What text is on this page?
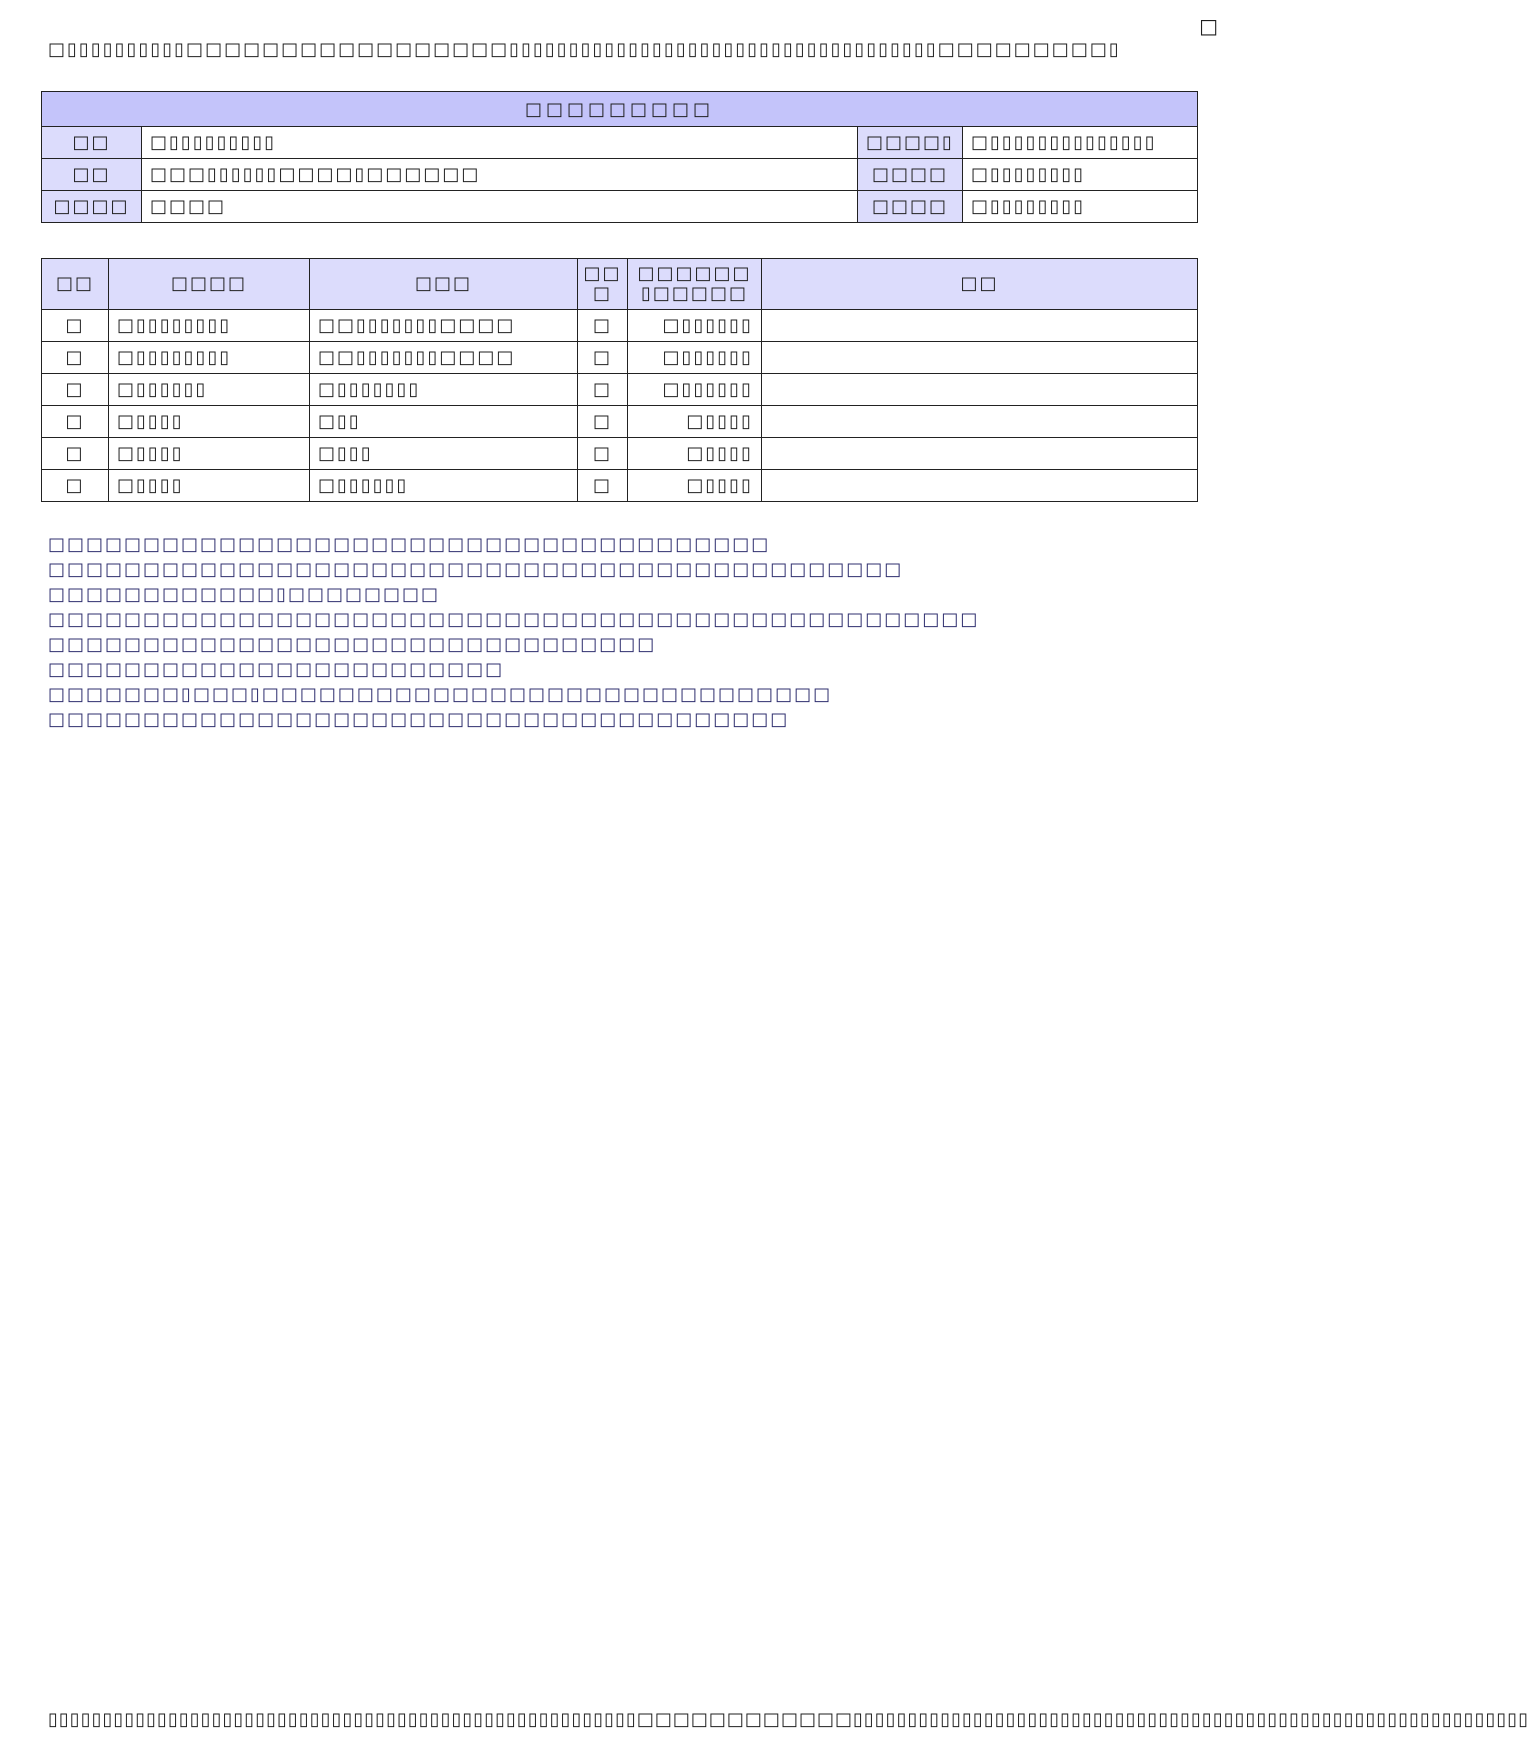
□
□▯▯▯▯▯▯▯▯▯▯□□□□□□□□□□□□□□□□□▯▯▯▯▯▯▯▯▯▯▯▯▯▯▯▯▯▯▯▯▯▯▯▯▯▯▯▯▯▯▯▯▯▯▯▯□□□□□□□□□▯
□□□□□□□□□			
□□	□▯▯▯▯▯▯▯▯▯	□□□□▯	□▯▯▯▯▯▯▯▯▯▯▯▯▯▯
□□	□□□▯▯▯▯▯▯□□□□▯□□□□□□	□□□□	□▯▯▯▯▯▯▯▯
□□□□	□□□□	□□□□	□▯▯▯▯▯▯▯▯
□□	□□□□	□□□	□□ □	□□□□□□ ▯□□□□□	□□
□	□▯▯▯▯▯▯▯▯	□□▯▯▯▯▯▯▯□□□□	□	□▯▯▯▯▯▯	
□	□▯▯▯▯▯▯▯▯	□□▯▯▯▯▯▯▯□□□□	□	□▯▯▯▯▯▯	
□	□▯▯▯▯▯▯	□▯▯▯▯▯▯▯	□	□▯▯▯▯▯▯	
□	□▯▯▯▯	□▯▯	□	□▯▯▯▯	
□	□▯▯▯▯	□▯▯▯	□	□▯▯▯▯	
□	□▯▯▯▯	□▯▯▯▯▯▯	□	□▯▯▯▯	
□□□□□□□□□□□□□□□□□□□□□□□□□□□□□□□□□□□□□□
□□□□□□□□□□□□□□□□□□□□□□□□□□□□□□□□□□□□□□□□□□□□□
□□□□□□□□□□□□▯□□□□□□□□
□□□□□□□□□□□□□□□□□□□□□□□□□□□□□□□□□□□□□□□□□□□□□□□□□
□□□□□□□□□□□□□□□□□□□□□□□□□□□□□□□□
□□□□□□□□□□□□□□□□□□□□□□□□
□□□□□□□▯□□□▯□□□□□□□□□□□□□□□□□□□□□□□□□□□□□□
□□□□□□□□□□□□□□□□□□□□□□□□□□□□□□□□□□□□□□□
▯▯▯▯▯▯▯▯▯▯▯▯▯▯▯▯▯▯▯▯▯▯▯▯▯▯▯▯▯▯▯▯▯▯▯▯▯▯▯▯▯▯▯▯▯▯▯▯▯▯▯▯▯▯□□□□□□□□□□□□▯▯▯▯▯▯▯▯▯▯▯▯▯▯▯▯▯▯▯▯▯▯▯▯▯▯▯▯▯▯▯▯▯▯▯▯▯▯▯▯▯▯▯▯▯▯▯▯▯▯▯▯▯▯▯▯▯▯▯▯▯▯
